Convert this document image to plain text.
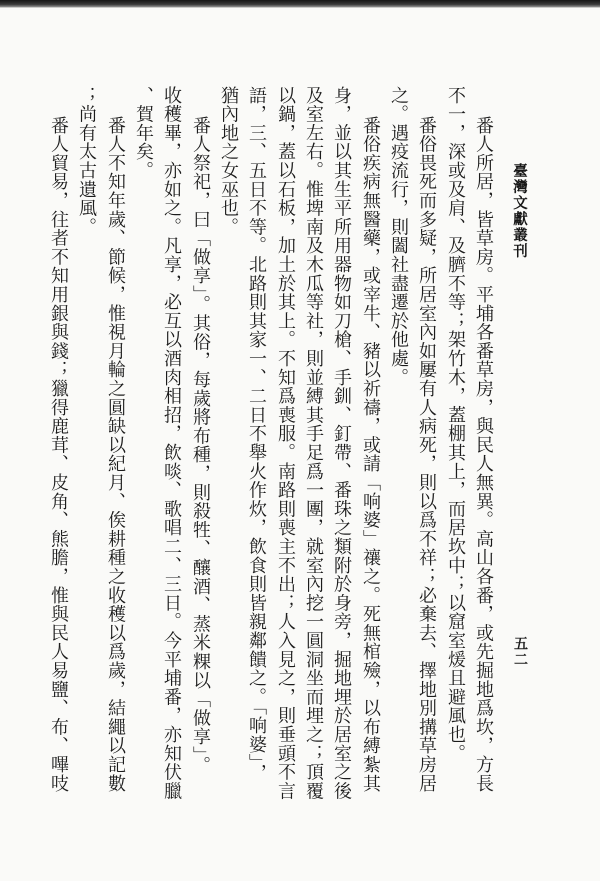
臺灣文獻叢刊
五二
番人所居，皆草房。平埔各番草房，與民人無異。高山各番，或先掘地爲坎，方長
不一，深或及肩、及臍不等；架竹木，蓋棚其上，而居坎中；以窟室煖且避風也。
番俗畏死而多疑，所居室內如屢有人病死，則以爲不祥；必棄去、擇地別搆草房居
之。遇疫流行，則闔社盡遷於他處。
番俗疾病無醫藥，或宰牛、豬以祈禱，或請「响婆」禳之。死無棺殮，以布縛紮其
身，並以其生平所用器物如刀槍、手釧、釘帶、番珠之類附於身旁，掘地埋於居室之後
及室左右。惟埤南及木瓜等社，則並縛其手足爲一團，就室內挖一圓洞坐而埋之；頂覆
以鍋，蓋以石板，加土於其上。不知爲喪服。南路則喪主不出；人入見之，則垂頭不言
語，三、五日不等。北路則其家一、二日不舉火作炊，飲食則皆親鄰饋之。「响婆」，
猶內地之女巫也。
番人祭祀，曰「做享」。其俗，每歲將布種，則殺牲、釀酒、蒸米粿以「做享」。
收穫畢，亦如之。凡享，必互以酒肉相招，飲啖、歌唱二、三日。今平埔番，亦知伏臘
、賀年矣。
番人不知年歲、節候，惟視月輪之圓缺以紀月、俟耕種之收穫以爲歲，結繩以記數
；尚有太古遺風。
番人貿易，往者不知用銀與錢；獵得鹿茸、皮角、熊膽，惟與民人易鹽、布、嗶吱
